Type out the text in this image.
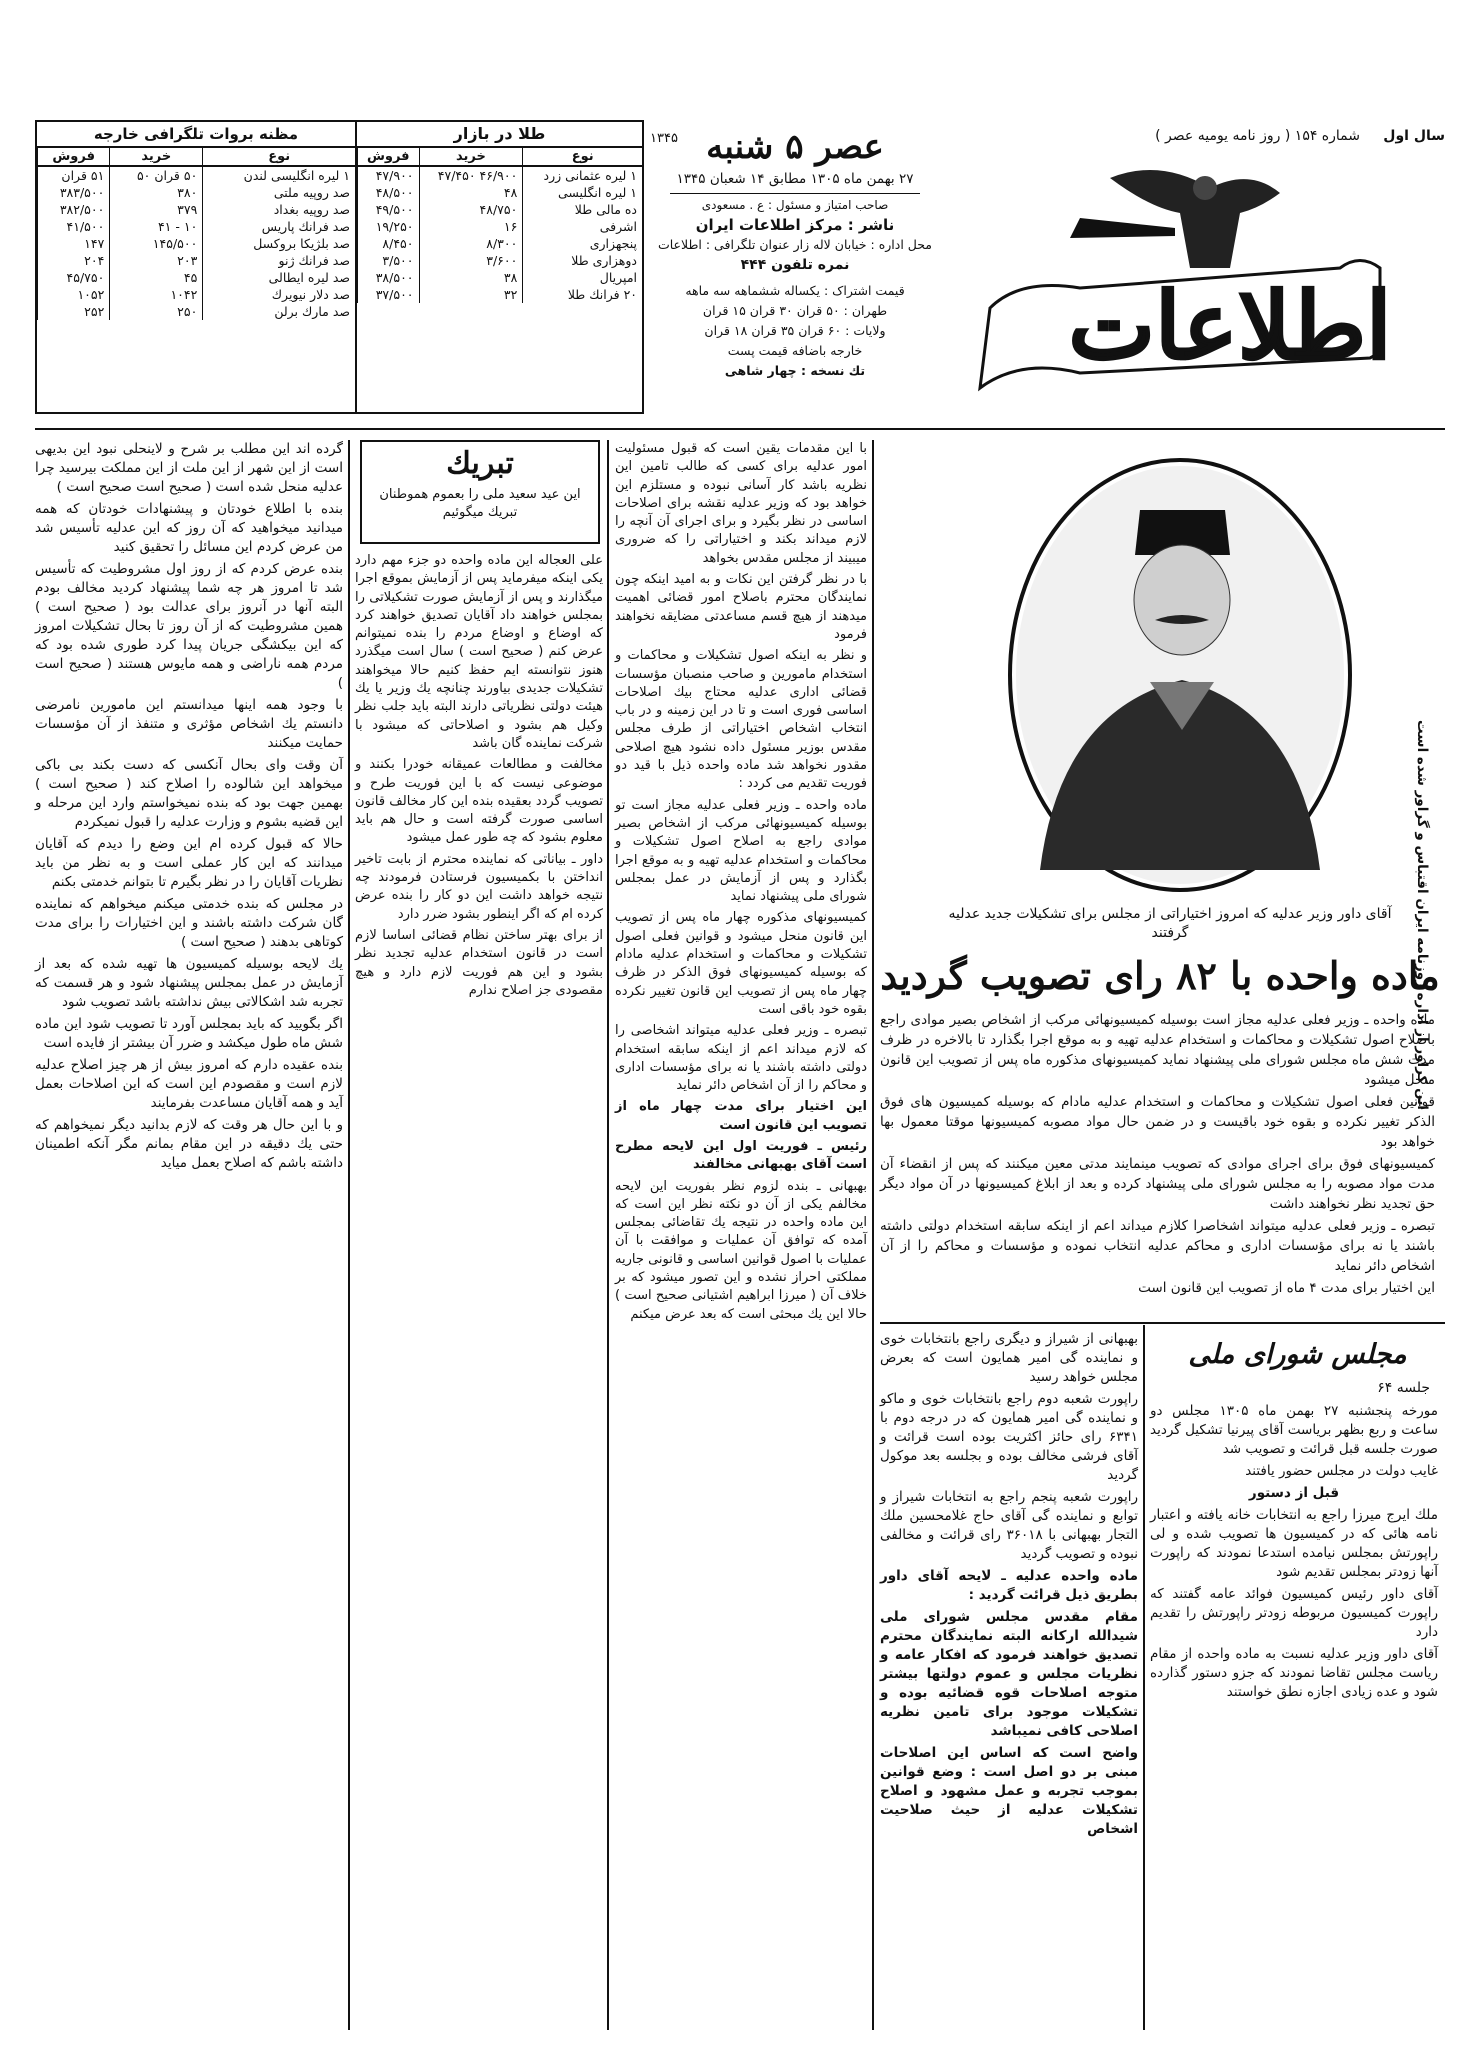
سال اول
شماره ۱۵۴ ( روز نامه یومیه عصر )
اطلاعات
عصر ۵ شنبه
۱۳۴۵
۲۷ بهمن ماه ۱۳۰۵ مطابق ۱۴ شعبان ۱۳۴۵
صاحب امتیاز و مسئول : ع . مسعودی
ناشر : مرکز اطلاعات ایران
محل اداره : خیابان لاله زار عنوان تلگرافی : اطلاعات
نمره تلفون ۴۴۴
قیمت اشتراک : یکساله ششماهه سه ماهه
طهران : ۵۰ قران ۳۰ قران ۱۵ قران
ولایات : ۶۰ قران ۳۵ قران ۱۸ قران
خارجه باضافه قیمت پست
تك نسخه : چهار شاهی
طلا در بازار
نوع	خرید	فروش
۱ لیره عثمانی زرد	۴۶/۹۰۰ ۴۷/۴۵۰	۴۷/۹۰۰
۱ لیره انگلیسی	۴۸	۴۸/۵۰۰
ده مالی طلا	۴۸/۷۵۰	۴۹/۵۰۰
اشرفی	۱۶	۱۹/۲۵۰
پنجهزاری	۸/۳۰۰	۸/۴۵۰
دوهزاری طلا	۳/۶۰۰	۳/۵۰۰
امپریال	۳۸	۳۸/۵۰۰
۲۰ فرانك طلا	۳۲	۳۷/۵۰۰
مظنه بروات تلگرافی خارجه
نوع	خرید	فروش
۱ لیره انگلیسی لندن	۵۰ قران ۵۰	۵۱ قران
صد روپیه ملتی	۳۸۰	۳۸۳/۵۰۰
صد روپیه بغداد	۳۷۹	۳۸۲/۵۰۰
صد فرانك پاریس	۱۰ - ۴۱	۴۱/۵۰۰
صد بلژیکا بروکسل	۱۴۵/۵۰۰	۱۴۷
صد فرانك ژنو	۲۰۳	۲۰۴
صد لیره ایطالی	۴۵	۴۵/۷۵۰
صد دلار نیویرك	۱۰۴۲	۱۰۵۲
صد مارك برلن	۲۵۰	۲۵۲
این کراور از اداره روزنامه ایران اقتباس و گراور شده است
آقای داور وزیر عدلیه که امروز اختیاراتی از مجلس برای تشکیلات جدید عدلیه گرفتند
ماده واحده با ۸۲ رای تصویب گردید

ماده واحده ـ وزیر فعلی عدلیه مجاز است بوسیله کمیسیونهائی مرکب از اشخاص بصیر موادی راجع باصلاح اصول تشکیلات و محاکمات و استخدام عدلیه تهیه و به موقع اجرا بگذارد تا بالاخره در ظرف مدت شش ماه مجلس شورای ملی پیشنهاد نماید کمیسیونهای مذکوره ماه پس از تصویب این قانون منحل میشود

قوانین فعلی اصول تشکیلات و محاکمات و استخدام عدلیه مادام که بوسیله کمیسیون های فوق الذکر تغییر نکرده و بقوه خود باقیست و در ضمن حال مواد مصوبه کمیسیونها موقتا معمول بها خواهد بود

کمیسیونهای فوق برای اجرای موادی که تصویب مینمایند مدتی معین میکنند که پس از انقضاء آن مدت مواد مصوبه را به مجلس شورای ملی پیشنهاد کرده و بعد از ابلاغ کمیسیونها در آن مواد دیگر حق تجدید نظر نخواهند داشت

تبصره ـ وزیر فعلی عدلیه میتواند اشخاصرا کلازم میداند اعم از اینکه سابقه استخدام دولتی داشته باشند یا نه برای مؤسسات اداری و محاکم عدلیه انتخاب نموده و مؤسسات و محاکم را از آن اشخاص دائر نماید

این اختیار برای مدت ۴ ماه از تصویب این قانون است

مجلس شورای ملی
جلسه ۶۴

مورخه پنجشنبه ۲۷ بهمن ماه ۱۳۰۵ مجلس دو ساعت و ربع بظهر بریاست آقای پیرنیا تشکیل گردید صورت جلسه قبل قرائت و تصویب شد

غایب دولت در مجلس حضور یافتند

قبل از دستور

ملك ایرج میرزا راجع به انتخابات خانه یافته و اعتبار نامه هائی که در کمیسیون ها تصویب شده و لی راپورتش بمجلس نیامده استدعا نمودند که راپورت آنها زودتر بمجلس تقدیم شود

آقای داور رئیس کمیسیون فوائد عامه گفتند که راپورت کمیسیون مربوطه زودتر راپورتش را تقدیم دارد

آقای داور وزیر عدلیه نسبت به ماده واحده از مقام ریاست مجلس تقاضا نمودند که جزو دستور گذارده شود و عده زیادی اجازه نطق خواستند

بهبهانی از شیراز و دیگری راجع بانتخابات خوی و نماینده گی امیر همایون است که بعرض مجلس خواهد رسید

راپورت شعبه دوم راجع بانتخابات خوی و ماکو و نماینده گی امیر همایون که در درجه دوم با ۶۳۴۱ رای حائز اکثریت بوده است قرائت و آقای فرشی مخالف بوده و بجلسه بعد موکول گردید

راپورت شعبه پنجم راجع به انتخابات شیراز و توابع و نماینده گی آقای حاج غلامحسین ملك التجار بهبهانی با ۳۶۰۱۸ رای قرائت و مخالفی نبوده و تصویب گردید

ماده واحده عدلیه ـ لایحه آقای داور بطریق ذیل قرائت گردید :

مقام مقدس مجلس شورای ملی شیدالله ارکانه البته نمایندگان محترم تصدیق خواهند فرمود که افکار عامه و نظریات مجلس و عموم دولتها بیشتر متوجه اصلاحات قوه قضائیه بوده و تشکیلات موجود برای تامین نظریه اصلاحی کافی نمیباشد

واضح است که اساس این اصلاحات مبنی بر دو اصل است : وضع قوانین بموجب تجربه و عمل مشهود و اصلاح تشکیلات عدلیه از حیث صلاحیت اشخاص

با این مقدمات یقین است که قبول مسئولیت امور عدلیه برای کسی که طالب تامین این نظریه باشد کار آسانی نبوده و مستلزم این خواهد بود که وزیر عدلیه نقشه برای اصلاحات اساسی در نظر بگیرد و برای اجرای آن آنچه را لازم میداند بکند و اختیاراتی را که ضروری میبیند از مجلس مقدس بخواهد

با در نظر گرفتن این نکات و به امید اینکه چون نمایندگان محترم باصلاح امور قضائی اهمیت میدهند از هیچ قسم مساعدتی مضایقه نخواهند فرمود

و نظر به اینکه اصول تشکیلات و محاکمات و استخدام مامورین و صاحب منصبان مؤسسات قضائی اداری عدلیه محتاج بیك اصلاحات اساسی فوری است و تا در این زمینه و در باب انتخاب اشخاص اختیاراتی از طرف مجلس مقدس بوزیر مسئول داده نشود هیچ اصلاحی مقدور نخواهد شد ماده واحده ذیل با قید دو فوریت تقدیم می کردد :

ماده واحده ـ وزیر فعلی عدلیه مجاز است تو بوسیله کمیسیونهائی مرکب از اشخاص بصیر موادی راجع به اصلاح اصول تشکیلات و محاکمات و استخدام عدلیه تهیه و به موقع اجرا بگذارد و پس از آزمایش در عمل بمجلس شورای ملی پیشنهاد نماید

کمیسیونهای مذکوره چهار ماه پس از تصویب این قانون منحل میشود و قوانین فعلی اصول تشکیلات و محاکمات و استخدام عدلیه مادام که بوسیله کمیسیونهای فوق الذکر در ظرف چهار ماه پس از تصویب این قانون تغییر نکرده بقوه خود باقی است

تبصره ـ وزیر فعلی عدلیه میتواند اشخاصی را که لازم میداند اعم از اینکه سابقه استخدام دولتی داشته باشند یا نه برای مؤسسات اداری و محاکم را از آن اشخاص دائر نماید

این اختیار برای مدت چهار ماه از تصویب این قانون است

رئیس ـ فوریت اول این لایحه مطرح است آقای بهبهانی مخالفند

بهبهانی ـ بنده لزوم نظر بفوریت این لایحه مخالفم یکی از آن دو نکته نظر این است که این ماده واحده در نتیجه یك تقاضائی بمجلس آمده که توافق آن عملیات و موافقت با آن عملیات با اصول قوانین اساسی و قانونی جاریه مملکتی احراز نشده و این تصور میشود که بر خلاف آن ( میرزا ابراهیم اشتیانی صحیح است ) حالا این یك مبحثی است که بعد عرض میکنم

تبریك
این عید سعید ملی را بعموم هموطنان تبریك میگوئیم

علی العجاله این ماده واحده دو جزء مهم دارد یکی اینکه میفرماید پس از آزمایش بموقع اجرا میگذارند و پس از آزمایش صورت تشکیلاتی را بمجلس خواهند داد آقایان تصدیق خواهند کرد که اوضاع و اوضاع مردم را بنده نمیتوانم عرض کنم ( صحیح است ) سال است میگذرد هنوز نتوانسته ایم حفظ کنیم حالا میخواهند تشکیلات جدیدی بیاورند چنانچه یك وزیر یا یك هیئت دولتی نظریاتی دارند البته باید جلب نظر وکیل هم بشود و اصلاحاتی که میشود با شرکت نماینده گان باشد

مخالفت و مطالعات عمیقانه خودرا بکنند و موضوعی نیست که با این فوریت طرح و تصویب گردد بعقیده بنده این کار مخالف قانون اساسی صورت گرفته است و حال هم باید معلوم بشود که چه طور عمل میشود

داور ـ بیاناتی که نماینده محترم از بابت تاخیر انداختن با بکمیسیون فرستادن فرمودند چه نتیجه خواهد داشت این دو کار را بنده عرض کرده ام که اگر اینطور بشود ضرر دارد

از برای بهتر ساختن نظام قضائی اساسا لازم است در قانون استخدام عدلیه تجدید نظر بشود و این هم فوریت لازم دارد و هیچ مقصودی جز اصلاح ندارم

گرده اند این مطلب بر شرح و لاینحلی نبود این بدیهی است از این شهر از این ملت از این مملکت بیرسید چرا عدلیه منحل شده است ( صحیح است صحیح است )

بنده با اطلاع خودتان و پیشنهادات خودتان که همه میدانید میخواهید که آن روز که این عدلیه تأسیس شد من عرض کردم این مسائل را تحقیق کنید

بنده عرض کردم که از روز اول مشروطیت که تأسیس شد تا امروز هر چه شما پیشنهاد کردید مخالف بودم البته آنها در آنروز برای عدالت بود ( صحیح است ) همین مشروطیت که از آن روز تا بحال تشکیلات امروز که این بیکشگی جریان پیدا کرد طوری شده بود که مردم همه ناراضی و همه مایوس هستند ( صحیح است )

با وجود همه اینها میدانستم این مامورین نامرضی دانستم یك اشخاص مؤثری و متنفذ از آن مؤسسات حمایت میکنند

آن وقت وای بحال آنکسی که دست بکند بی باکی میخواهد این شالوده را اصلاح کند ( صحیح است ) بهمین جهت بود که بنده نمیخواستم وارد این مرحله و این قضیه بشوم و وزارت عدلیه را قبول نمیکردم

حالا که قبول کرده ام این وضع را دیدم که آقایان میدانند که این کار عملی است و به نظر من باید نظریات آقایان را در نظر بگیرم تا بتوانم خدمتی بکنم

در مجلس که بنده خدمتی میکنم میخواهم که نماینده گان شرکت داشته باشند و این اختیارات را برای مدت کوتاهی بدهند ( صحیح است )

یك لایحه بوسیله کمیسیون ها تهیه شده که بعد از آزمایش در عمل بمجلس پیشنهاد شود و هر قسمت که تجربه شد اشکالاتی بیش نداشته باشد تصویب شود

اگر بگویید که باید بمجلس آورد تا تصویب شود این ماده شش ماه طول میکشد و ضرر آن بیشتر از فایده است

بنده عقیده دارم که امروز بیش از هر چیز اصلاح عدلیه لازم است و مقصودم این است که این اصلاحات بعمل آید و همه آقایان مساعدت بفرمایند

و با این حال هر وقت که لازم بدانید دیگر نمیخواهم که حتی یك دقیقه در این مقام بمانم مگر آنکه اطمینان داشته باشم که اصلاح بعمل میاید
